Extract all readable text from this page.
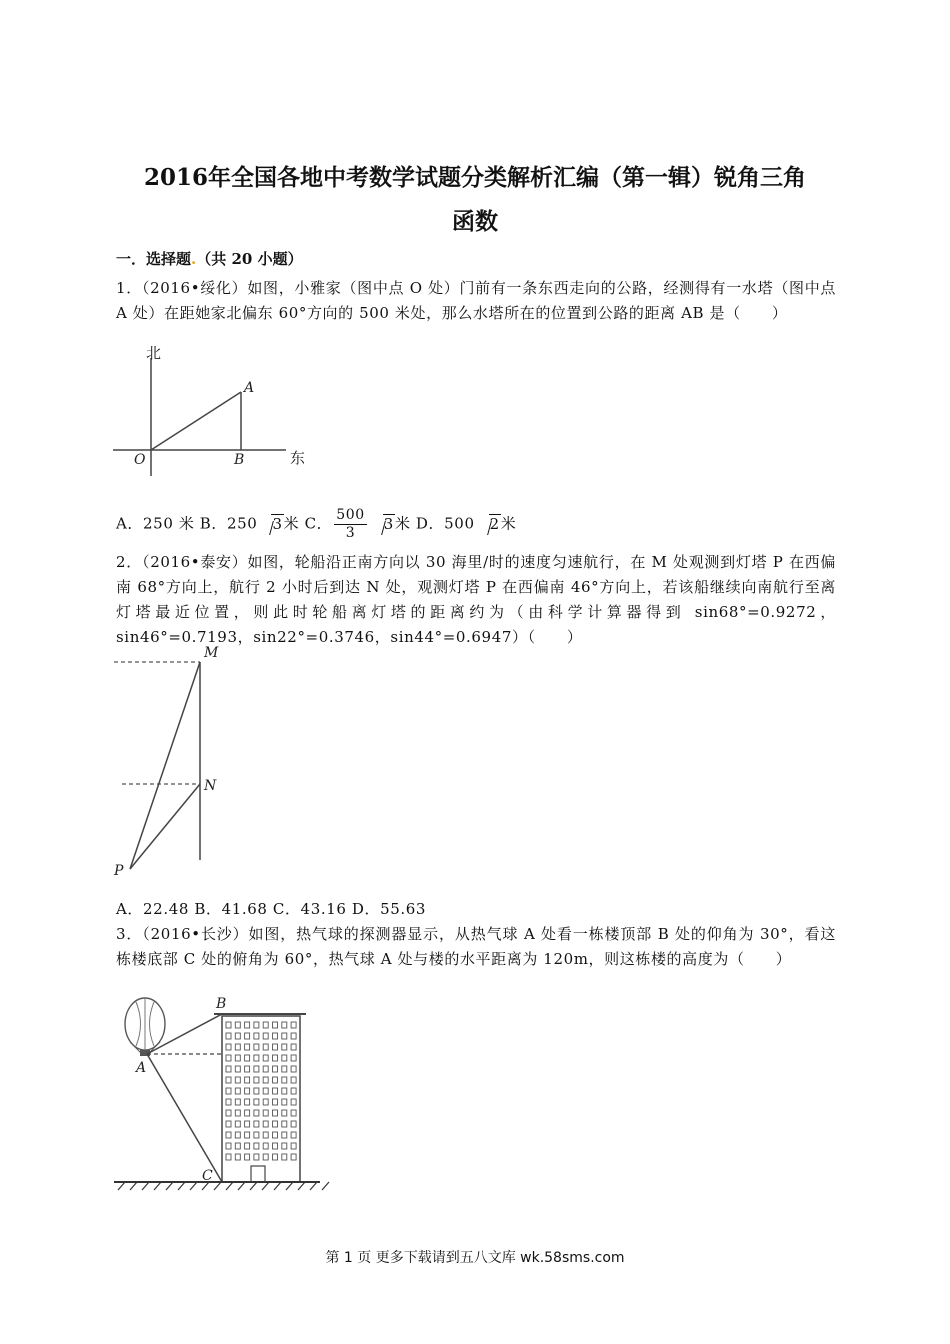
2016年全国各地中考数学试题分类解析汇编（第一辑）锐角三角
函数
一．选择题.（共 20 小题）
1．（2016•绥化）如图，小雅家（图中点 O 处）门前有一条东西走向的公路，经测得有一水塔（图中点 A 处）在距她家北偏东 60°方向的 500 米处，那么水塔所在的位置到公路的距离 AB 是（　　）
北
东
O
A
B
A．250 米 B．250 3米 C． $\frac{500}{3} 3$米 D．500 2米
2．（2016•泰安）如图，轮船沿正南方向以 30 海里/时的速度匀速航行，在 M 处观测到灯塔 P 在西偏南 68°方向上，航行 2 小时后到达 N 处，观测灯塔 P 在西偏南 46°方向上，若该船继续向南航行至离灯塔最近位置，则此时轮船离灯塔的距离约为（由科学计算器得到 sin68°=0.9272，sin46°=0.7193，sin22°=0.3746，sin44°=0.6947）（　　）
M
N
P
A．22.48 B．41.68 C．43.16 D．55.63
3．（2016•长沙）如图，热气球的探测器显示，从热气球 A 处看一栋楼顶部 B 处的仰角为 30°，看这栋楼底部 C 处的俯角为 60°，热气球 A 处与楼的水平距离为 120m，则这栋楼的高度为（　　）
B
A
C
第 1 页 更多下载请到五八文库 wk.58sms.com
